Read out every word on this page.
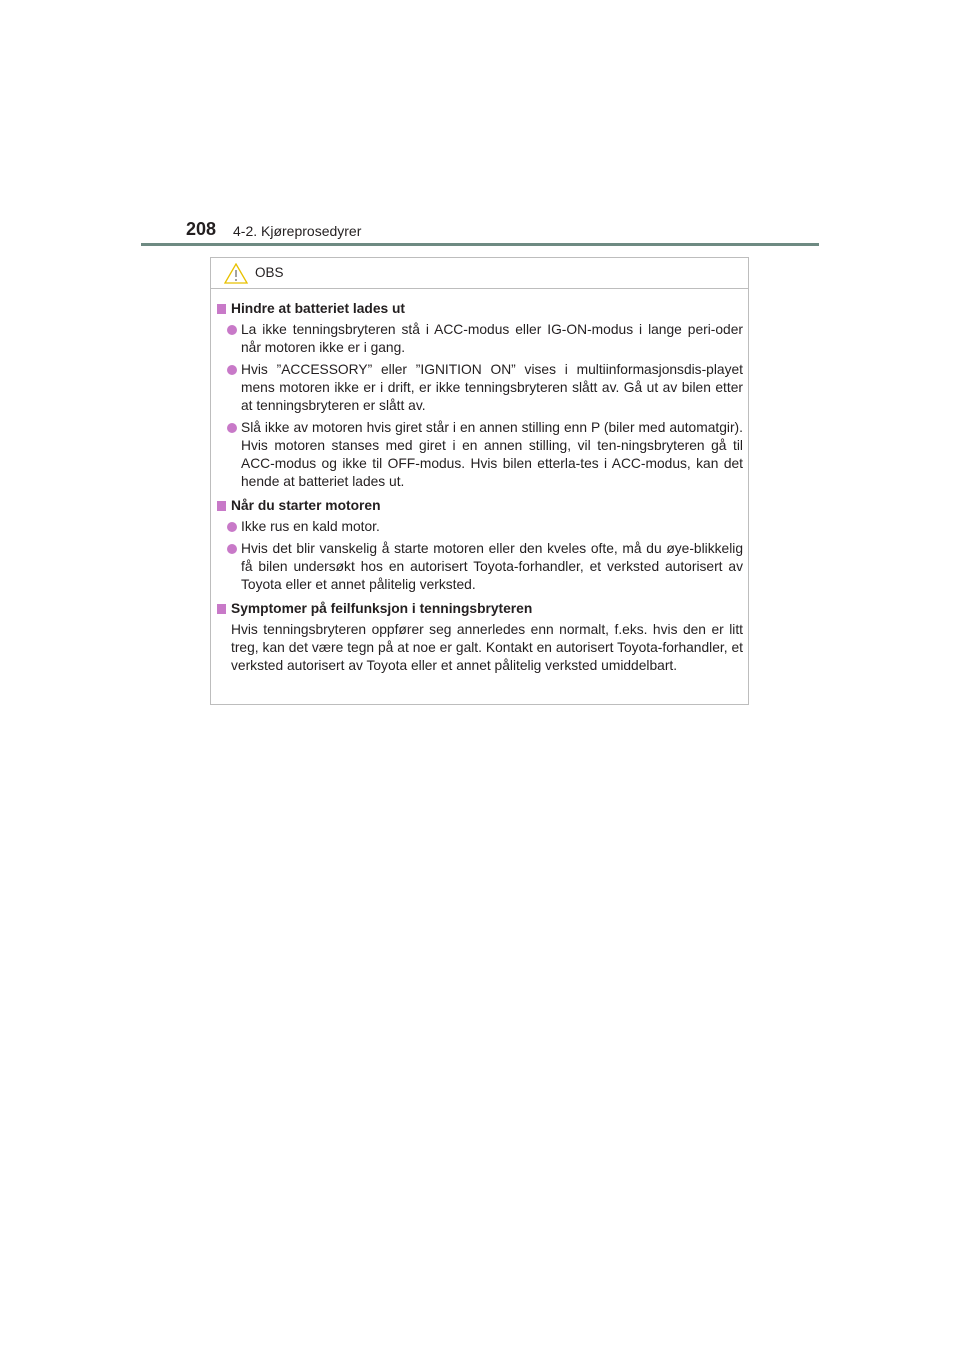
208 4-2. Kjøreprosedyrer
OBS
Hindre at batteriet lades ut
La ikke tenningsbryteren stå i ACC-modus eller IG-ON-modus i lange peri-oder når motoren ikke er i gang.
Hvis ”ACCESSORY” eller ”IGNITION ON” vises i multiinformasjonsdis-playet mens motoren ikke er i drift, er ikke tenningsbryteren slått av. Gå ut av bilen etter at tenningsbryteren er slått av.
Slå ikke av motoren hvis giret står i en annen stilling enn P (biler med automatgir). Hvis motoren stanses med giret i en annen stilling, vil ten-ningsbryteren gå til ACC-modus og ikke til OFF-modus. Hvis bilen etterla-tes i ACC-modus, kan det hende at batteriet lades ut.
Når du starter motoren
Ikke rus en kald motor.
Hvis det blir vanskelig å starte motoren eller den kveles ofte, må du øye-blikkelig få bilen undersøkt hos en autorisert Toyota-forhandler, et verksted autorisert av Toyota eller et annet pålitelig verksted.
Symptomer på feilfunksjon i tenningsbryteren
Hvis tenningsbryteren oppfører seg annerledes enn normalt, f.eks. hvis den er litt treg, kan det være tegn på at noe er galt. Kontakt en autorisert Toyota-forhandler, et verksted autorisert av Toyota eller et annet pålitelig verksted umiddelbart.
